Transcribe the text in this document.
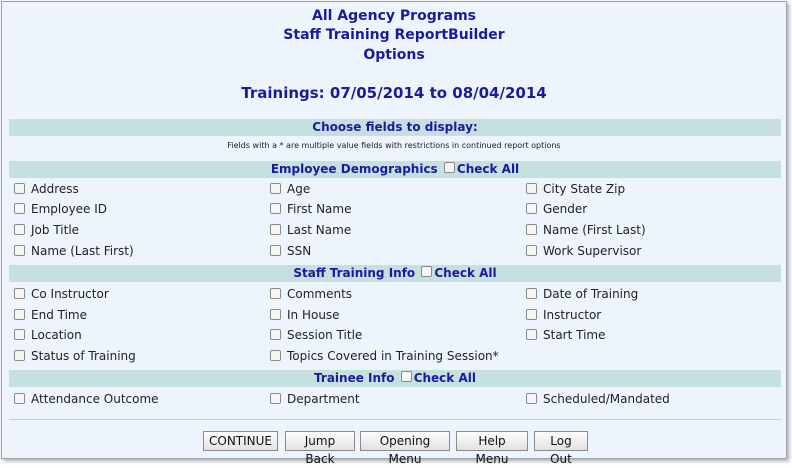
All Agency Programs
Staff Training ReportBuilder
Options
Trainings: 07/05/2014 to 08/04/2014
Choose fields to display:
Fields with a * are multiple value fields with restrictions in continued report options
Employee Demographics Check All
Address	Age	City State Zip
Employee ID	First Name	Gender
Job Title	Last Name	Name (First Last)
Name (Last First)	SSN	Work Supervisor
Staff Training Info Check All
Co Instructor	Comments	Date of Training
End Time	In House	Instructor
Location	Session Title	Start Time
Status of Training	Topics Covered in Training Session*
Trainee Info Check All
Attendance Outcome	Department	Scheduled/Mandated
CONTINUE	Jump Back
Opening Menu
Help Menu
Log Out
